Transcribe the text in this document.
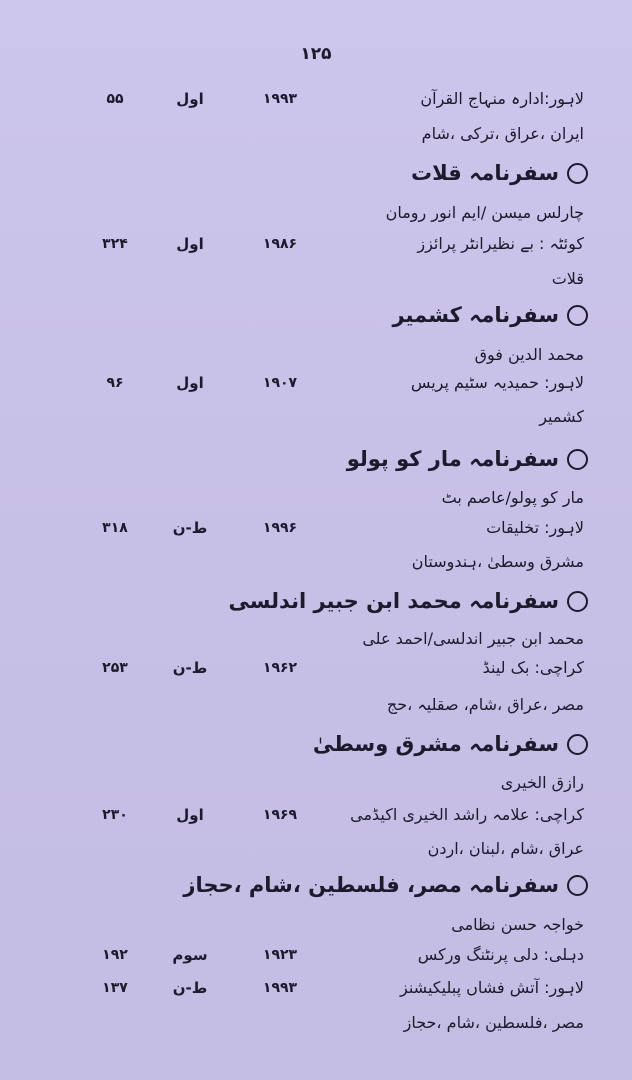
۱۲۵
لاہور:ادارہ منہاج القرآن
۱۹۹۳
اول
۵۵
ایران ،عراق ،ترکی ،شام
سفرنامہ قلات
چارلس میسن /ایم انور رومان
کوئٹہ : بے نظیرانٹر پرائزز
۱۹۸۶
اول
۳۲۴
قلات
سفرنامہ کشمیر
محمد الدین فوق
لاہور: حمیدیہ سٹیم پریس
۱۹۰۷
اول
۹۶
کشمیر
سفرنامہ مار کو پولو
مار کو پولو/عاصم بٹ
لاہور: تخلیقات
۱۹۹۶
ط-ن
۳۱۸
مشرق وسطیٰ ،ہندوستان
سفرنامہ محمد ابن جبیر اندلسی
محمد ابن جبیر اندلسی/احمد علی
کراچی: بک لینڈ
۱۹۶۲
ط-ن
۲۵۳
مصر ،عراق ،شام، صقلیہ ،حج
سفرنامہ مشرق وسطیٰ
رازق الخیری
کراچی: علامہ راشد الخیری اکیڈمی
۱۹۶۹
اول
۲۳۰
عراق ،شام ،لبنان ،اردن
سفرنامہ مصر، فلسطین ،شام ،حجاز
خواجہ حسن نظامی
دہلی: دلی پرنٹنگ ورکس
۱۹۲۳
سوم
۱۹۲
لاہور: آتش فشاں پبلیکیشنز
۱۹۹۳
ط-ن
۱۳۷
مصر ،فلسطین ،شام ،حجاز
